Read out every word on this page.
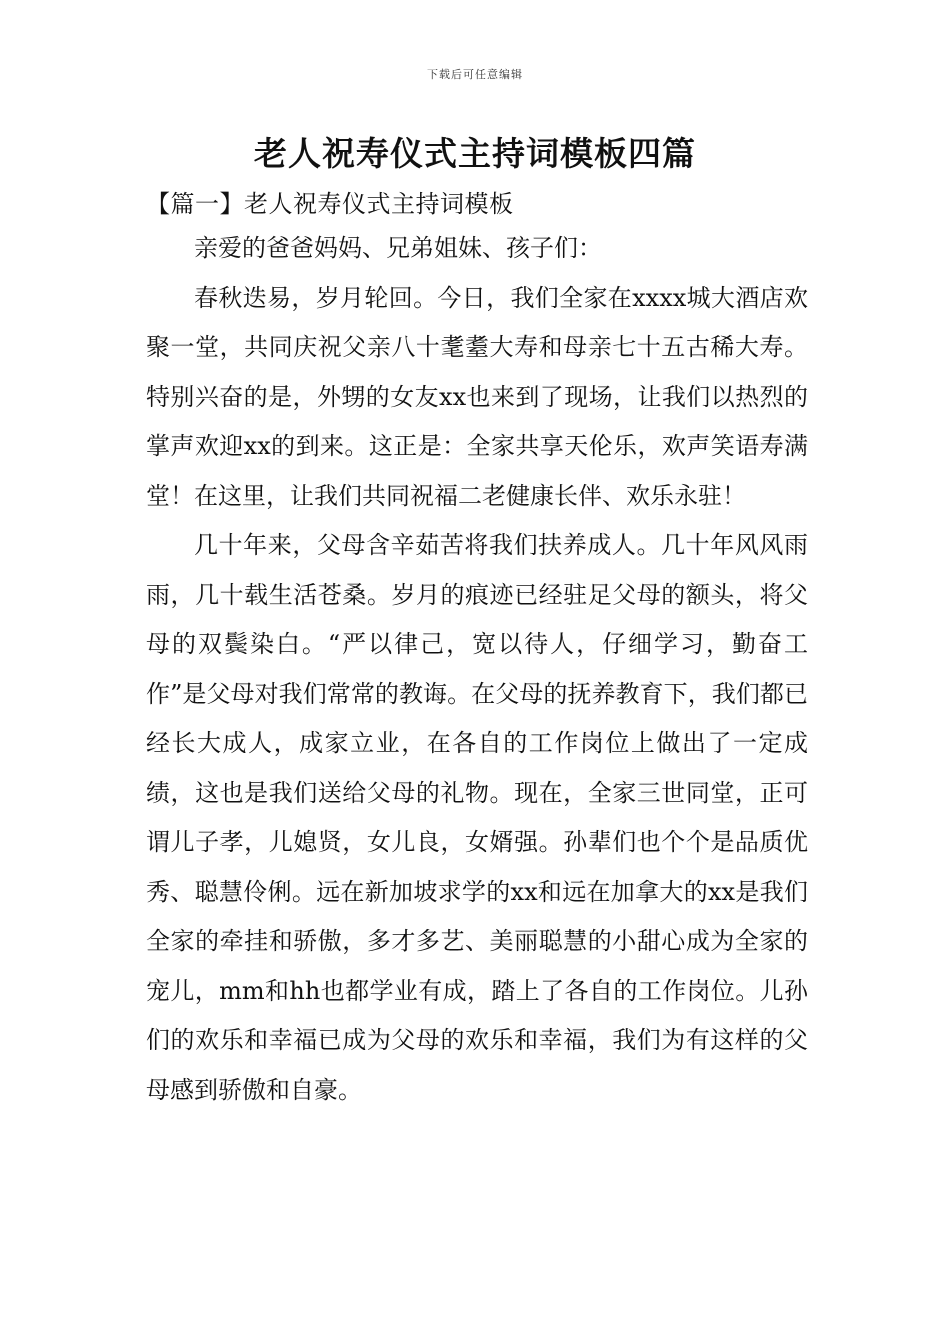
下载后可任意编辑
老人祝寿仪式主持词模板四篇
【篇一】老人祝寿仪式主持词模板

亲爱的爸爸妈妈、兄弟姐妹、孩子们：

春秋迭易，岁月轮回。今日，我们全家在xxxx城大酒店欢聚一堂，共同庆祝父亲八十耄耋大寿和母亲七十五古稀大寿。特别兴奋的是，外甥的女友xx也来到了现场，让我们以热烈的掌声欢迎xx的到来。这正是：全家共享天伦乐，欢声笑语寿满堂！在这里，让我们共同祝福二老健康长伴、欢乐永驻！

几十年来，父母含辛茹苦将我们扶养成人。几十年风风雨雨，几十载生活苍桑。岁月的痕迹已经驻足父母的额头，将父母的双鬓染白。“严以律己，宽以待人，仔细学习，勤奋工作”是父母对我们常常的教诲。在父母的抚养教育下，我们都已经长大成人，成家立业，在各自的工作岗位上做出了一定成绩，这也是我们送给父母的礼物。现在，全家三世同堂，正可谓儿子孝，儿媳贤，女儿良，女婿强。孙辈们也个个是品质优秀、聪慧伶俐。远在新加坡求学的xx和远在加拿大的xx是我们全家的牵挂和骄傲，多才多艺、美丽聪慧的小甜心成为全家的宠儿，mm和hh也都学业有成，踏上了各自的工作岗位。儿孙们的欢乐和幸福已成为父母的欢乐和幸福，我们为有这样的父母感到骄傲和自豪。
